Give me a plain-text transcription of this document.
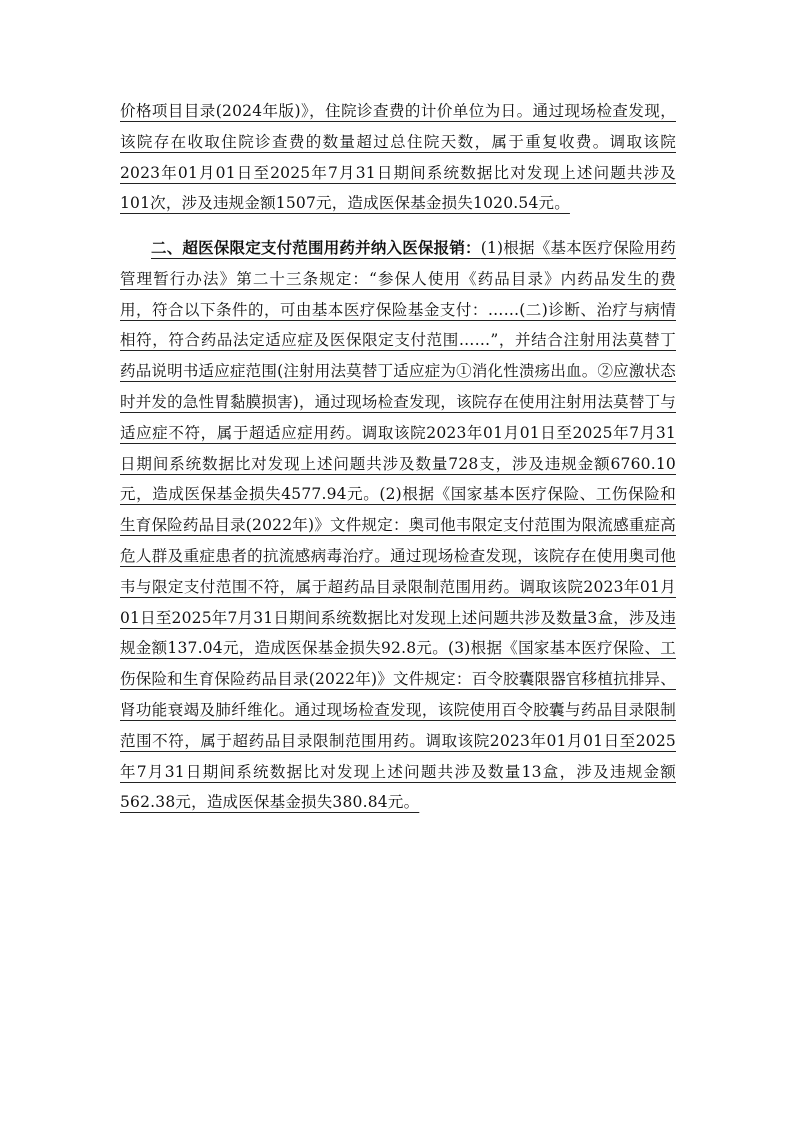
价格项目目录(2024年版)》，住院诊查费的计价单位为日。通过现场检查发现，该院存在收取住院诊查费的数量超过总住院天数，属于重复收费。调取该院2023年01月01日至2025年7月31日期间系统数据比对发现上述问题共涉及101次，涉及违规金额1507元，造成医保基金损失1020.54元。

二、超医保限定支付范围用药并纳入医保报销：(1)根据《基本医疗保险用药管理暂行办法》第二十三条规定：“参保人使用《药品目录》内药品发生的费用，符合以下条件的，可由基本医疗保险基金支付：……(二)诊断、治疗与病情相符，符合药品法定适应症及医保限定支付范围……”，并结合注射用法莫替丁药品说明书适应症范围(注射用法莫替丁适应症为①消化性溃疡出血。②应激状态时并发的急性胃黏膜损害)，通过现场检查发现，该院存在使用注射用法莫替丁与适应症不符，属于超适应症用药。调取该院2023年01月01日至2025年7月31日期间系统数据比对发现上述问题共涉及数量728支，涉及违规金额6760.10元，造成医保基金损失4577.94元。(2)根据《国家基本医疗保险、工伤保险和生育保险药品目录(2022年)》文件规定：奥司他韦限定支付范围为限流感重症高危人群及重症患者的抗流感病毒治疗。通过现场检查发现，该院存在使用奥司他韦与限定支付范围不符，属于超药品目录限制范围用药。调取该院2023年01月01日至2025年7月31日期间系统数据比对发现上述问题共涉及数量3盒，涉及违规金额137.04元，造成医保基金损失92.8元。(3)根据《国家基本医疗保险、工伤保险和生育保险药品目录(2022年)》文件规定：百令胶囊限器官移植抗排异、肾功能衰竭及肺纤维化。通过现场检查发现，该院使用百令胶囊与药品目录限制范围不符，属于超药品目录限制范围用药。调取该院2023年01月01日至2025年7月31日期间系统数据比对发现上述问题共涉及数量13盒，涉及违规金额562.38元，造成医保基金损失380.84元。
